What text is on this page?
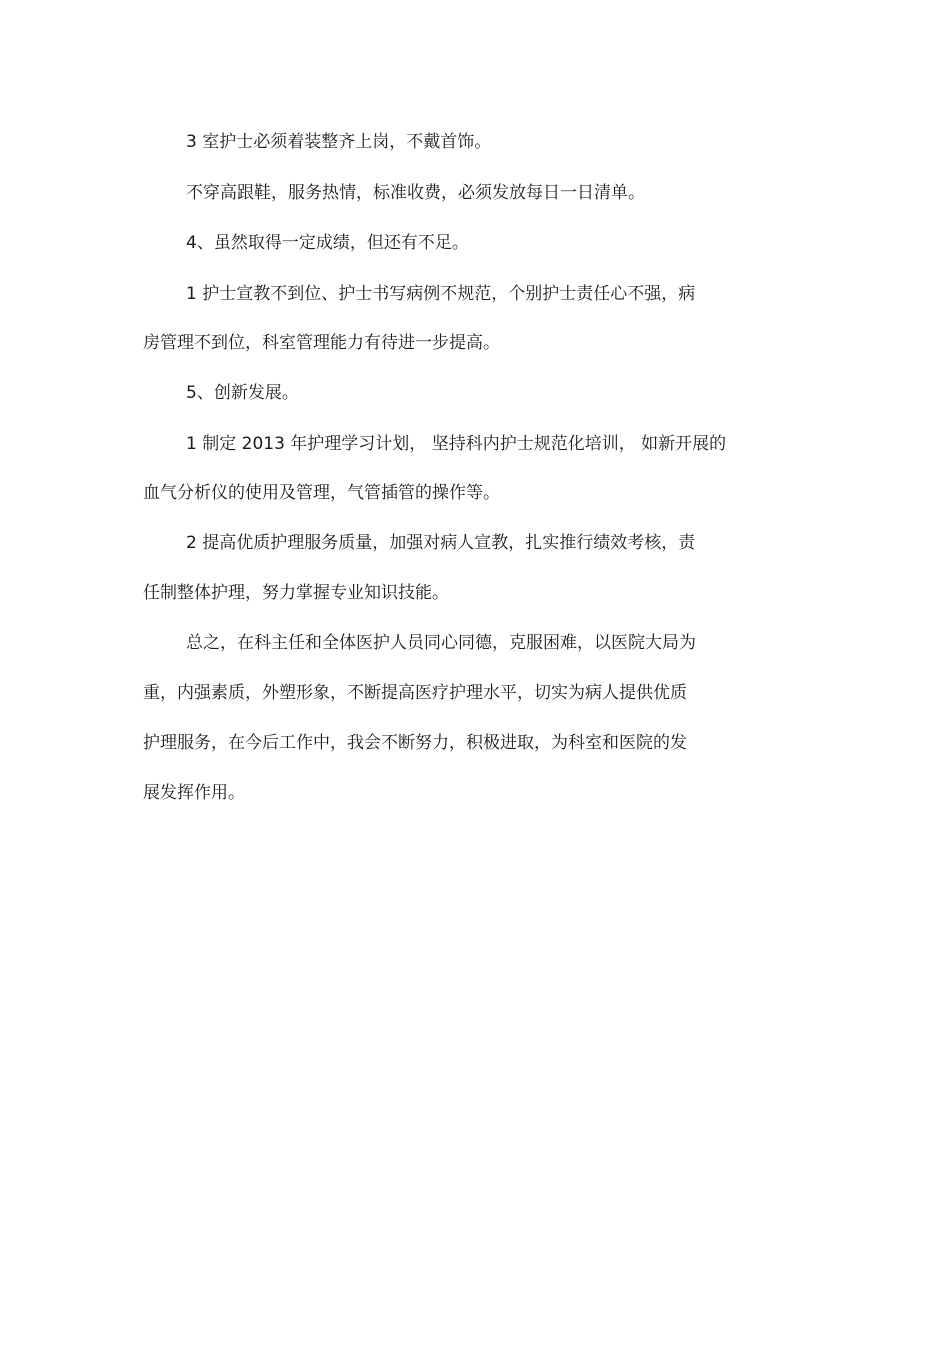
3 室护士必须着装整齐上岗，不戴首饰。
不穿高跟鞋，服务热情，标准收费，必须发放每日一日清单。
4、虽然取得一定成绩，但还有不足。
1 护士宣教不到位、护士书写病例不规范，个别护士责任心不强，病
房管理不到位，科室管理能力有待进一步提高。
5、创新发展。
1 制定 2013 年护理学习计划， 坚持科内护士规范化培训， 如新开展的
血气分析仪的使用及管理，气管插管的操作等。
2 提高优质护理服务质量，加强对病人宣教，扎实推行绩效考核，责
任制整体护理，努力掌握专业知识技能。
总之，在科主任和全体医护人员同心同德，克服困难，以医院大局为
重，内强素质，外塑形象，不断提高医疗护理水平，切实为病人提供优质
护理服务，在今后工作中，我会不断努力，积极进取，为科室和医院的发
展发挥作用。
